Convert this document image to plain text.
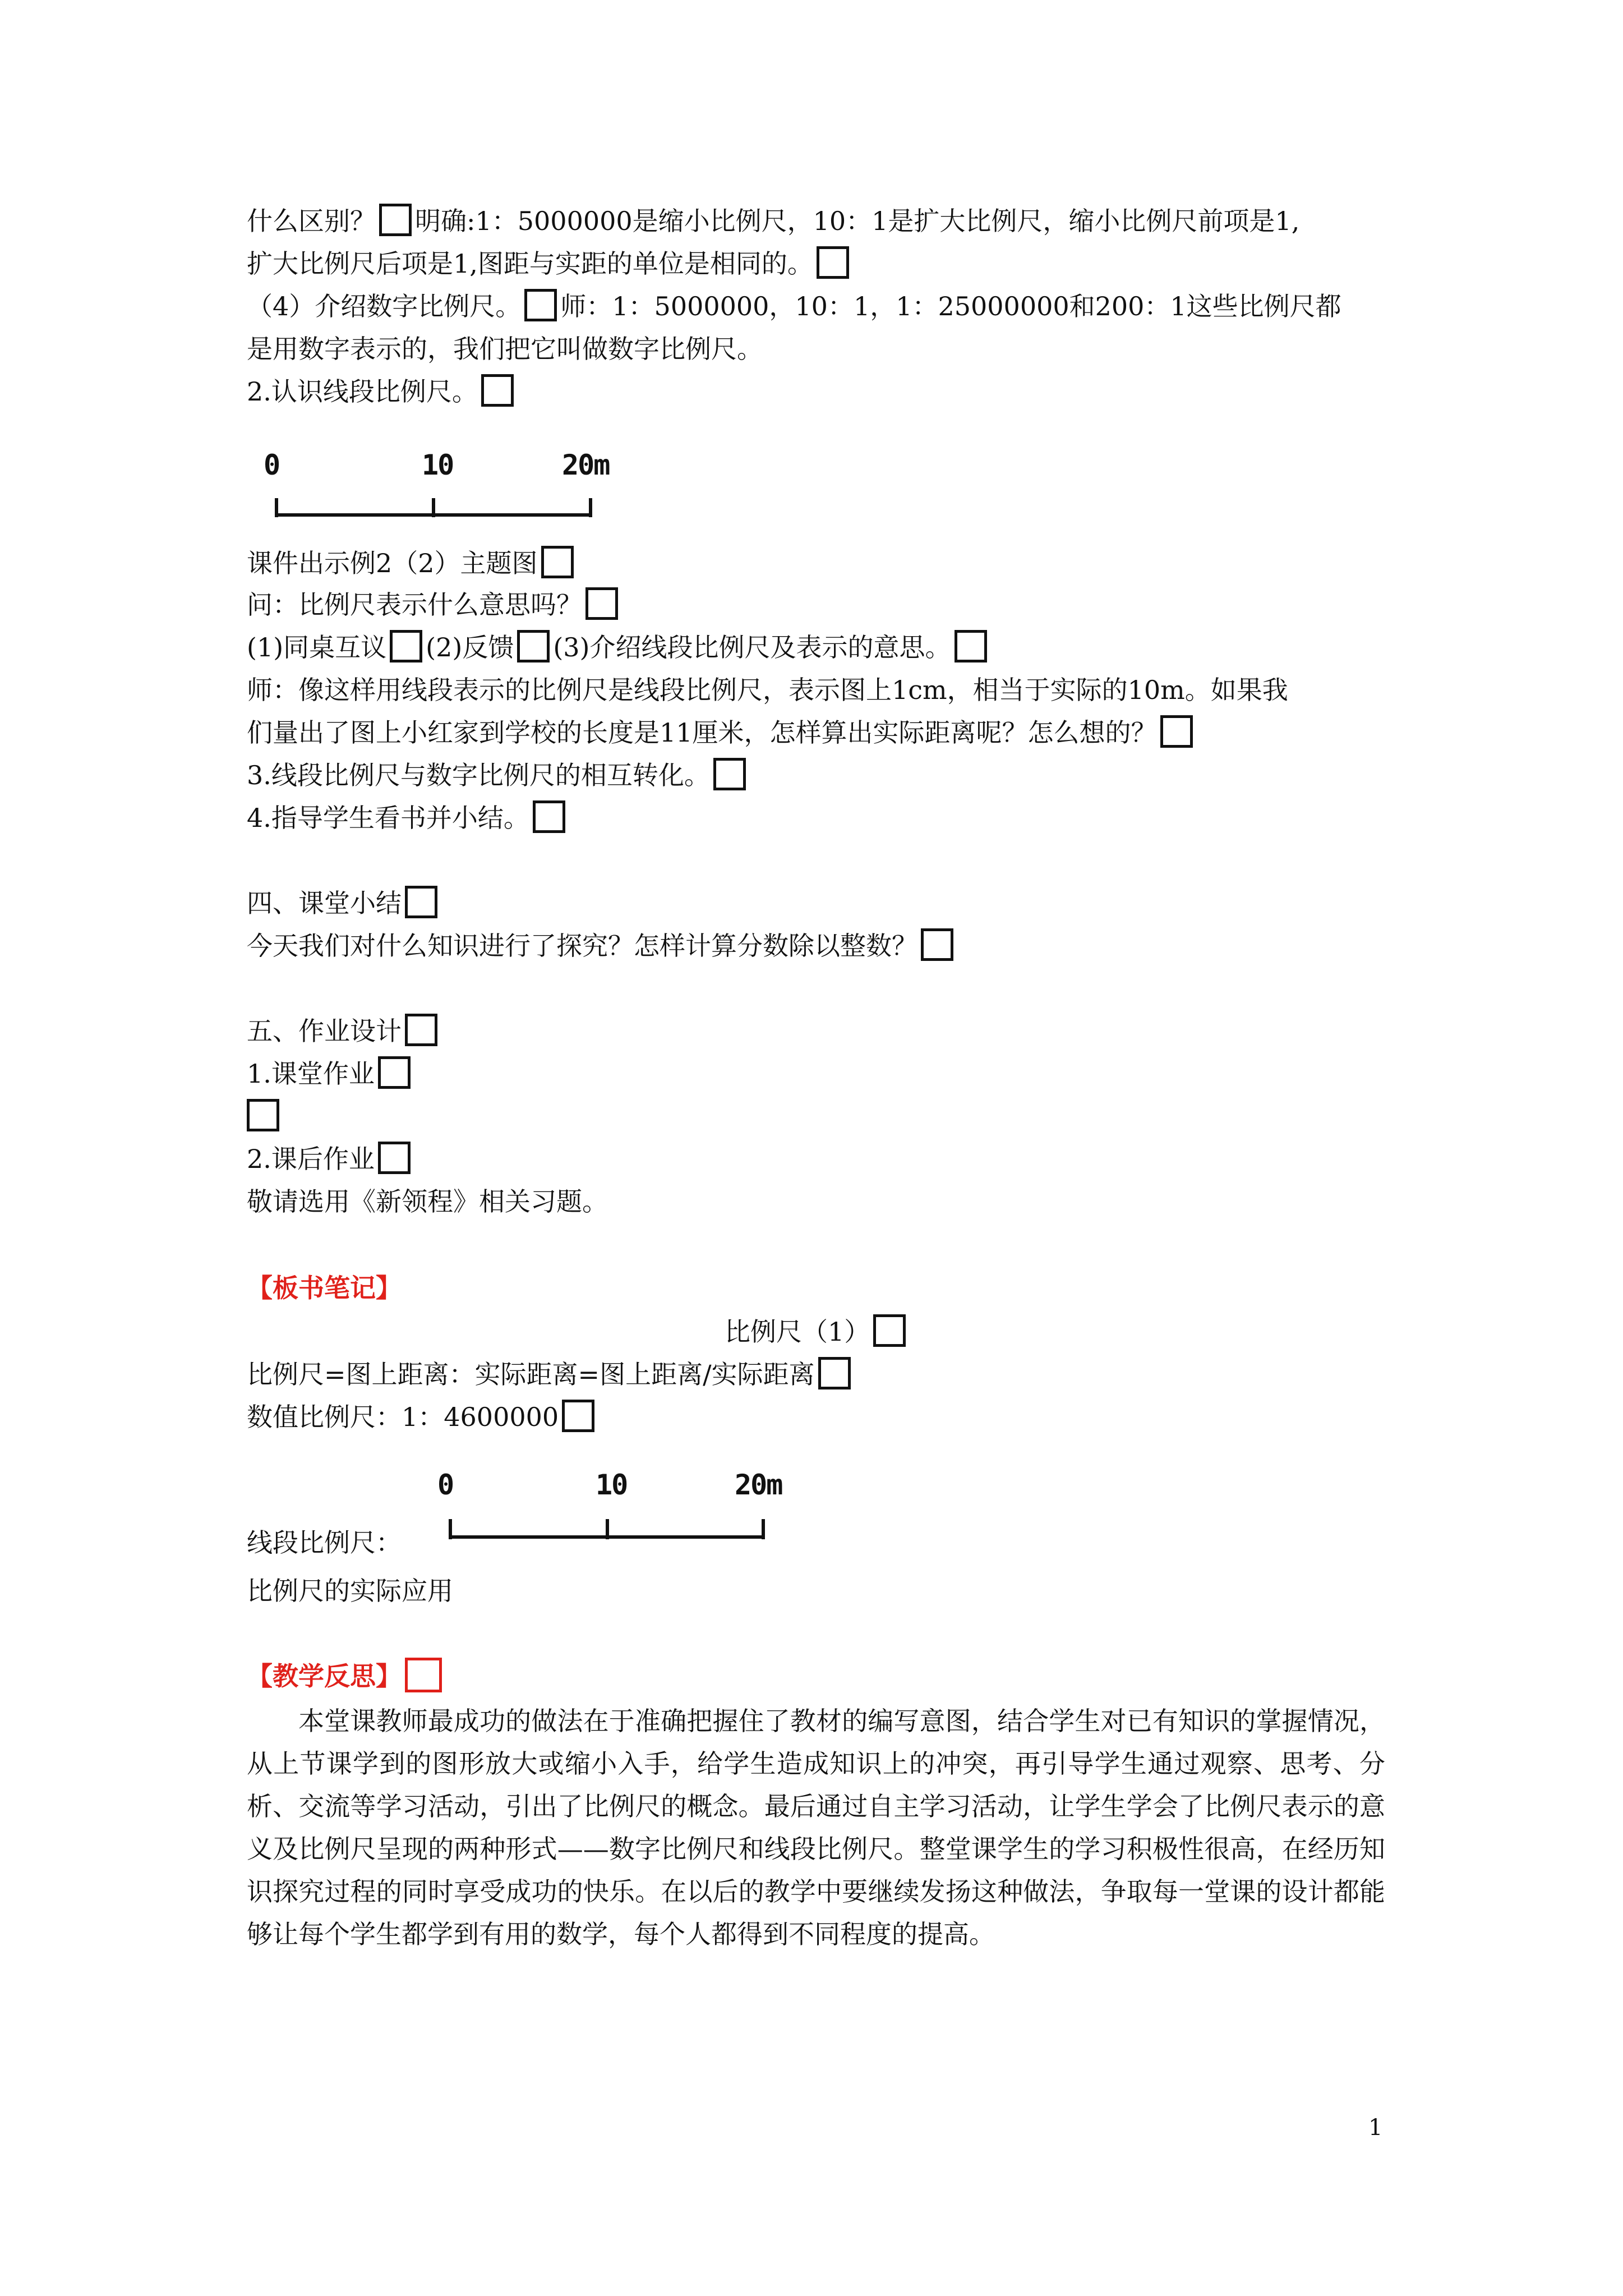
什么区别？ 明确:1：5000000是缩小比例尺，10：1是扩大比例尺，缩小比例尺前项是1,
扩大比例尺后项是1,图距与实距的单位是相同的。
（4）介绍数字比例尺。 师：1：5000000，10：1，1：25000000和200：1这些比例尺都
是用数字表示的，我们把它叫做数字比例尺。
2.认识线段比例尺。
0	10	20m
课件出示例2（2）主题图
问：比例尺表示什么意思吗？
(1)同桌互议 (2)反馈 (3)介绍线段比例尺及表示的意思。
师：像这样用线段表示的比例尺是线段比例尺，表示图上1cm，相当于实际的10m。如果我
们量出了图上小红家到学校的长度是11厘米，怎样算出实际距离呢？怎么想的？
3.线段比例尺与数字比例尺的相互转化。
4.指导学生看书并小结。
四、课堂小结
今天我们对什么知识进行了探究？怎样计算分数除以整数？
五、作业设计
1.课堂作业
2.课后作业
敬请选用《新领程》相关习题。
【板书笔记】
比例尺（1）
比例尺=图上距离：实际距离=图上距离/实际距离
数值比例尺：1：4600000
0	10	20m
线段比例尺：
比例尺的实际应用
【教学反思】
本堂课教师最成功的做法在于准确把握住了教材的编写意图，结合学生对已有知识的掌握情况，从上节课学到的图形放大或缩小入手，给学生造成知识上的冲突，再引导学生通过观察、思考、分析、交流等学习活动，引出了比例尺的概念。最后通过自主学习活动，让学生学会了比例尺表示的意义及比例尺呈现的两种形式——数字比例尺和线段比例尺。整堂课学生的学习积极性很高，在经历知识探究过程的同时享受成功的快乐。在以后的教学中要继续发扬这种做法，争取每一堂课的设计都能够让每个学生都学到有用的数学，每个人都得到不同程度的提高。
1
